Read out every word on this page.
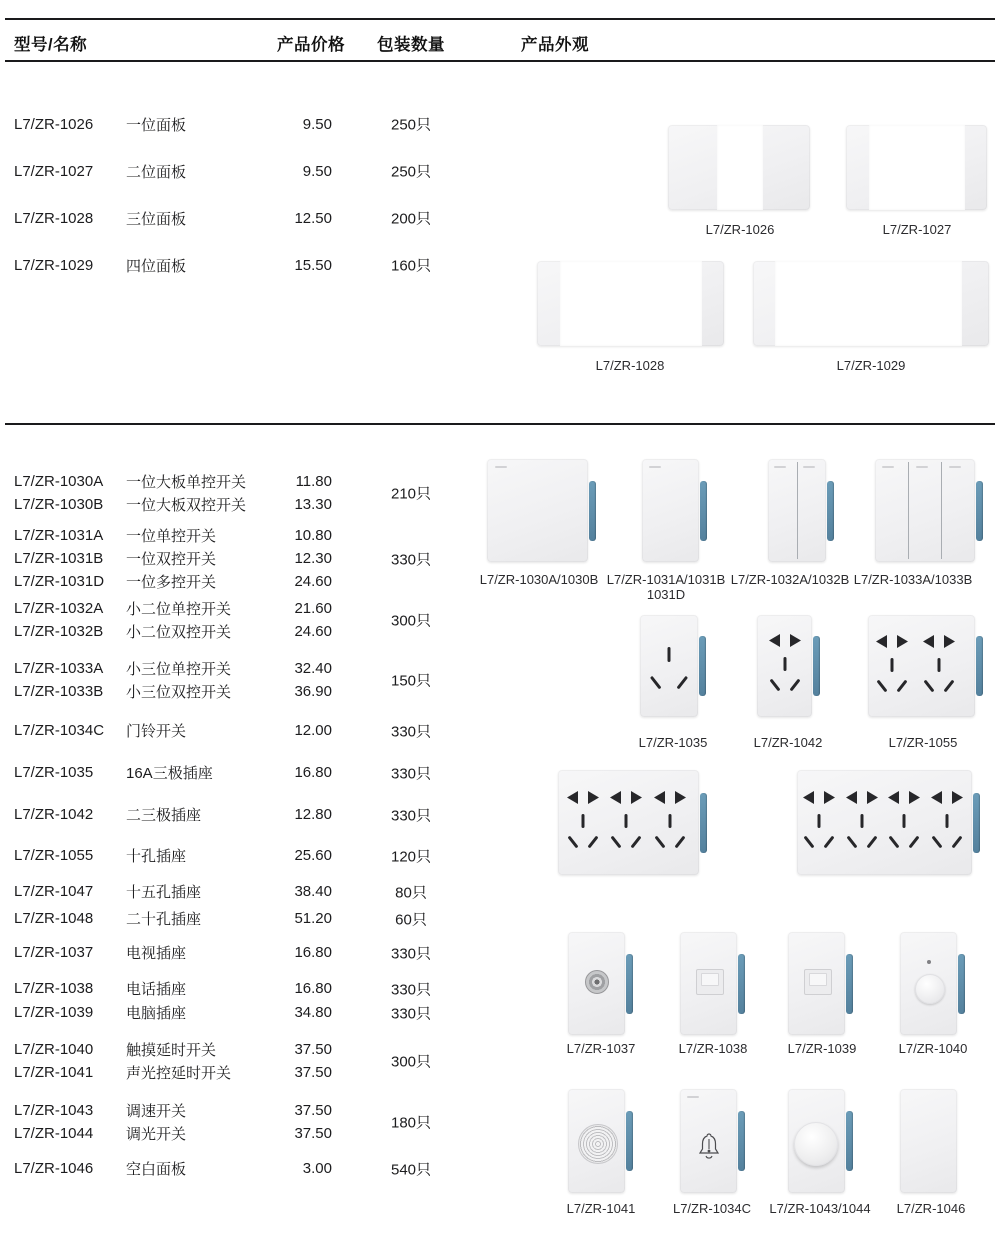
型号/名称	产品价格 包装数量	产品外观
L7/ZR-1026	一位面板	9.50	250只
L7/ZR-1027	二位面板	9.50	250只
L7/ZR-1028	三位面板	12.50	200只
L7/ZR-1029	四位面板	15.50	160只
L7/ZR-1026	L7/ZR-1027
L7/ZR-1028	L7/ZR-1029
L7/ZR-1030A	一位大板单控开关	11.80
L7/ZR-1030B	一位大板双控开关	13.30
210只
L7/ZR-1031A	一位单控开关	10.80
L7/ZR-1031B	一位双控开关	12.30
L7/ZR-1031D	一位多控开关	24.60
330只
L7/ZR-1032A	小二位单控开关	21.60
L7/ZR-1032B	小二位双控开关	24.60
300只
L7/ZR-1033A	小三位单控开关	32.40
L7/ZR-1033B	小三位双控开关	36.90
150只
L7/ZR-1034C	门铃开关	12.00	330只
L7/ZR-1035	16A三极插座	16.80	330只
L7/ZR-1042	二三极插座	12.80	330只
L7/ZR-1055	十孔插座	25.60	120只
L7/ZR-1047	十五孔插座	38.40	80只
L7/ZR-1048	二十孔插座	51.20	60只
L7/ZR-1037	电视插座	16.80	330只
L7/ZR-1038	电话插座	16.80	330只
L7/ZR-1039	电脑插座	34.80	330只
L7/ZR-1040	触摸延时开关	37.50
L7/ZR-1041	声光控延时开关	37.50
300只
L7/ZR-1043	调速开关	37.50
L7/ZR-1044	调光开关	37.50
180只
L7/ZR-1046	空白面板	3.00	540只
L7/ZR-1030A/1030B L7/ZR-1031A/1031B
1031D
L7/ZR-1032A/1032B L7/ZR-1033A/1033B
L7/ZR-1035	L7/ZR-1042	L7/ZR-1055
L7/ZR-1037	L7/ZR-1038	L7/ZR-1039	L7/ZR-1040
L7/ZR-1041	L7/ZR-1034C	L7/ZR-1043/1044	L7/ZR-1046
